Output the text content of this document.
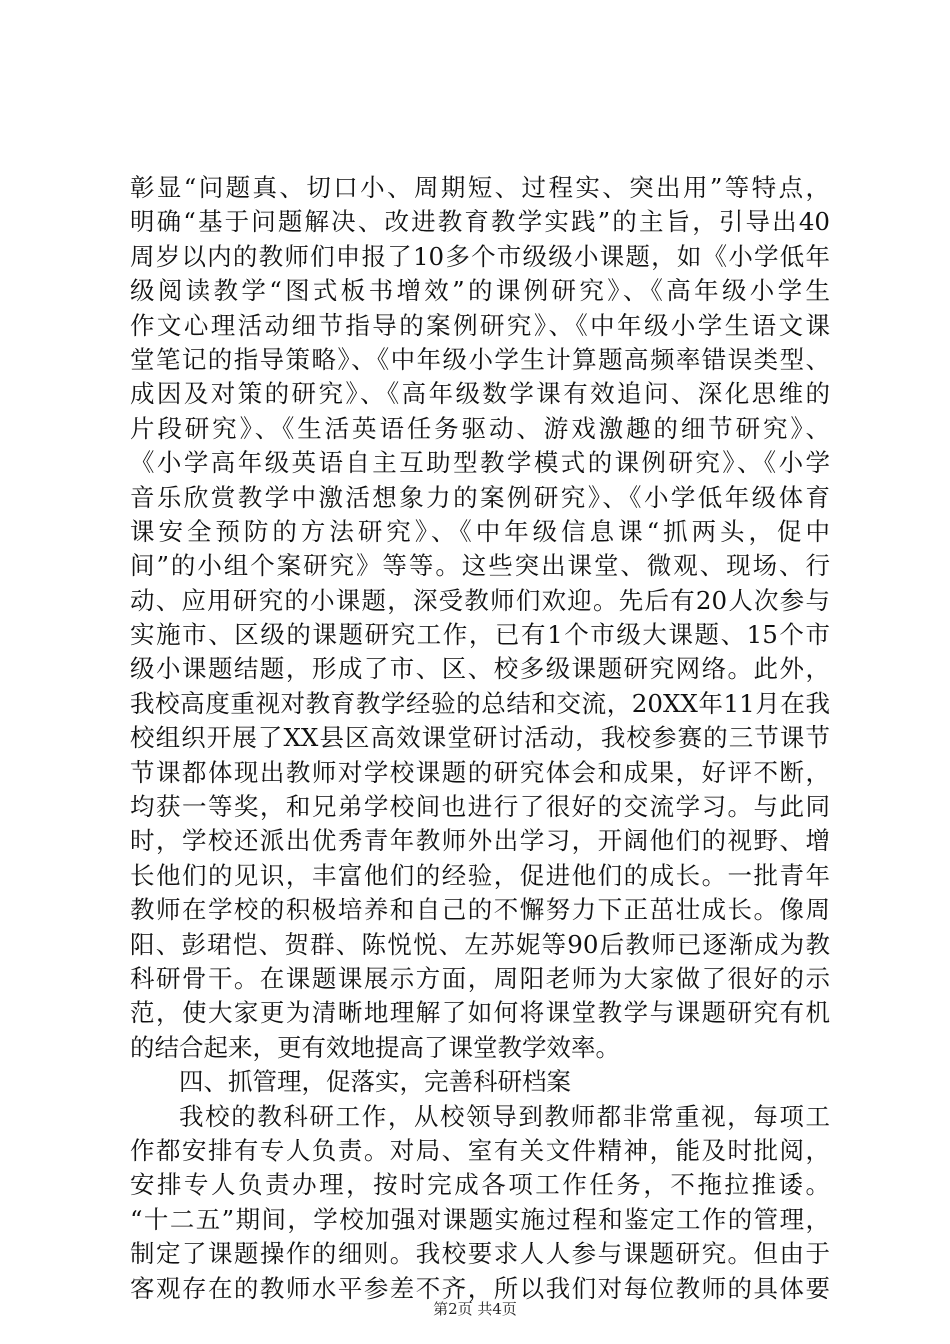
彰显“问题真、切口小、周期短、过程实、突出用”等特点，
明确“基于问题解决、改进教育教学实践”的主旨，引导出40
周岁以内的教师们申报了10多个市级级小课题，如《小学低年
级阅读教学“图式板书增效”的课例研究》、《高年级小学生
作文心理活动细节指导的案例研究》、《中年级小学生语文课
堂笔记的指导策略》、《中年级小学生计算题高频率错误类型、
成因及对策的研究》、《高年级数学课有效追问、深化思维的
片段研究》、《生活英语任务驱动、游戏激趣的细节研究》、
《小学高年级英语自主互助型教学模式的课例研究》、《小学
音乐欣赏教学中激活想象力的案例研究》、《小学低年级体育
课安全预防的方法研究》、《中年级信息课“抓两头，促中
间”的小组个案研究》等等。这些突出课堂、微观、现场、行
动、应用研究的小课题，深受教师们欢迎。先后有20人次参与
实施市、区级的课题研究工作，已有1个市级大课题、15个市
级小课题结题，形成了市、区、校多级课题研究网络。此外，
我校高度重视对教育教学经验的总结和交流，20XX年11月在我
校组织开展了XX县区高效课堂研讨活动，我校参赛的三节课节
节课都体现出教师对学校课题的研究体会和成果，好评不断，
均获一等奖，和兄弟学校间也进行了很好的交流学习。与此同
时，学校还派出优秀青年教师外出学习，开阔他们的视野、增
长他们的见识，丰富他们的经验，促进他们的成长。一批青年
教师在学校的积极培养和自己的不懈努力下正茁壮成长。像周
阳、彭珺恺、贺群、陈悦悦、左苏妮等90后教师已逐渐成为教
科研骨干。在课题课展示方面，周阳老师为大家做了很好的示
范，使大家更为清晰地理解了如何将课堂教学与课题研究有机
的结合起来，更有效地提高了课堂教学效率。
四、抓管理，促落实，完善科研档案
我校的教科研工作，从校领导到教师都非常重视，每项工
作都安排有专人负责。对局、室有关文件精神，能及时批阅，
安排专人负责办理，按时完成各项工作任务，不拖拉推诿。
“十二五”期间，学校加强对课题实施过程和鉴定工作的管理，
制定了课题操作的细则。我校要求人人参与课题研究。但由于
客观存在的教师水平参差不齐，所以我们对每位教师的具体要
第2页 共4页
